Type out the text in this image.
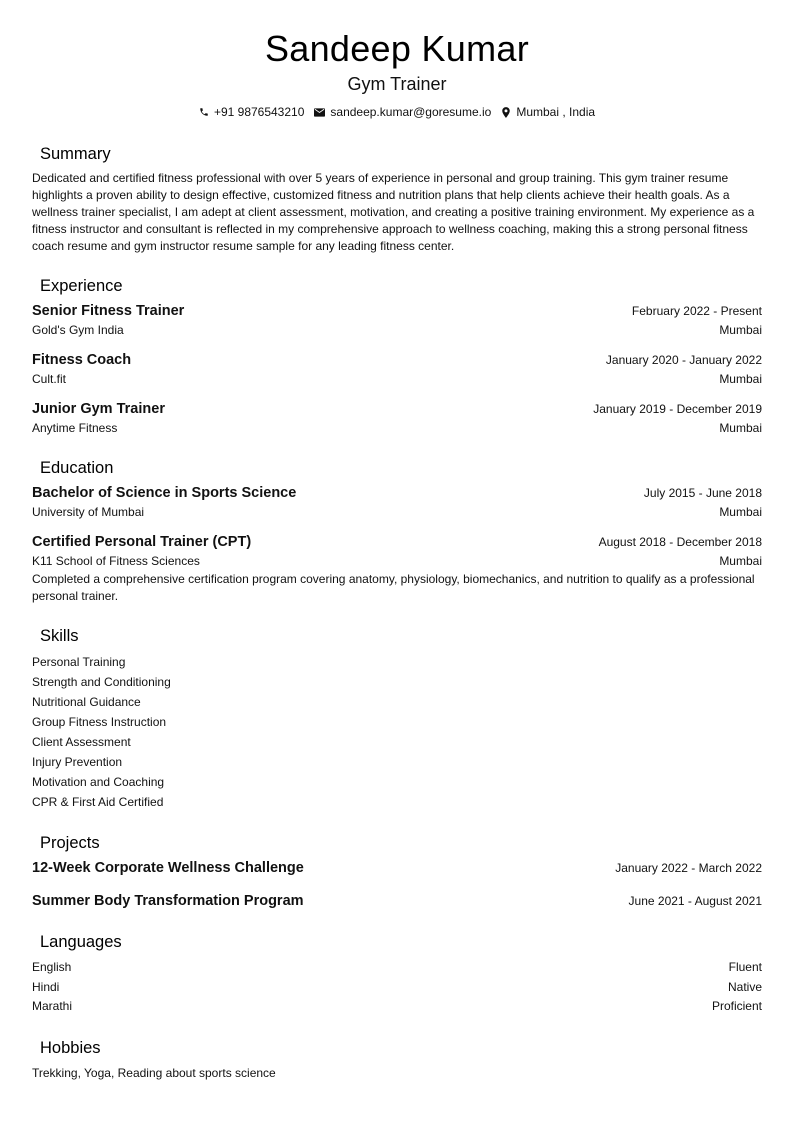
Sandeep Kumar
Gym Trainer
+91 9876543210 sandeep.kumar@goresume.io Mumbai , India
Summary

Dedicated and certified fitness professional with over 5 years of experience in personal and group training. This gym trainer resume highlights a proven ability to design effective, customized fitness and nutrition plans that help clients achieve their health goals. As a wellness trainer specialist, I am adept at client assessment, motivation, and creating a positive training environment. My experience as a fitness instructor and consultant is reflected in my comprehensive approach to wellness coaching, making this a strong personal fitness coach resume and gym instructor resume sample for any leading fitness center.

Experience
Senior Fitness Trainer	February 2022 - Present
Gold's Gym India	Mumbai
Fitness Coach	January 2020 - January 2022
Cult.fit	Mumbai
Junior Gym Trainer	January 2019 - December 2019
Anytime Fitness	Mumbai
Education
Bachelor of Science in Sports Science	July 2015 - June 2018
University of Mumbai	Mumbai
Certified Personal Trainer (CPT)	August 2018 - December 2018
K11 School of Fitness Sciences	Mumbai
Completed a comprehensive certification program covering anatomy, physiology, biomechanics, and nutrition to qualify as a professional personal trainer.
Skills
Personal Training
Strength and Conditioning
Nutritional Guidance
Group Fitness Instruction
Client Assessment
Injury Prevention
Motivation and Coaching
CPR & First Aid Certified
Projects
12-Week Corporate Wellness Challenge	January 2022 - March 2022
Summer Body Transformation Program	June 2021 - August 2021
Languages
English	Fluent
Hindi	Native
Marathi	Proficient
Hobbies
Trekking, Yoga, Reading about sports science
